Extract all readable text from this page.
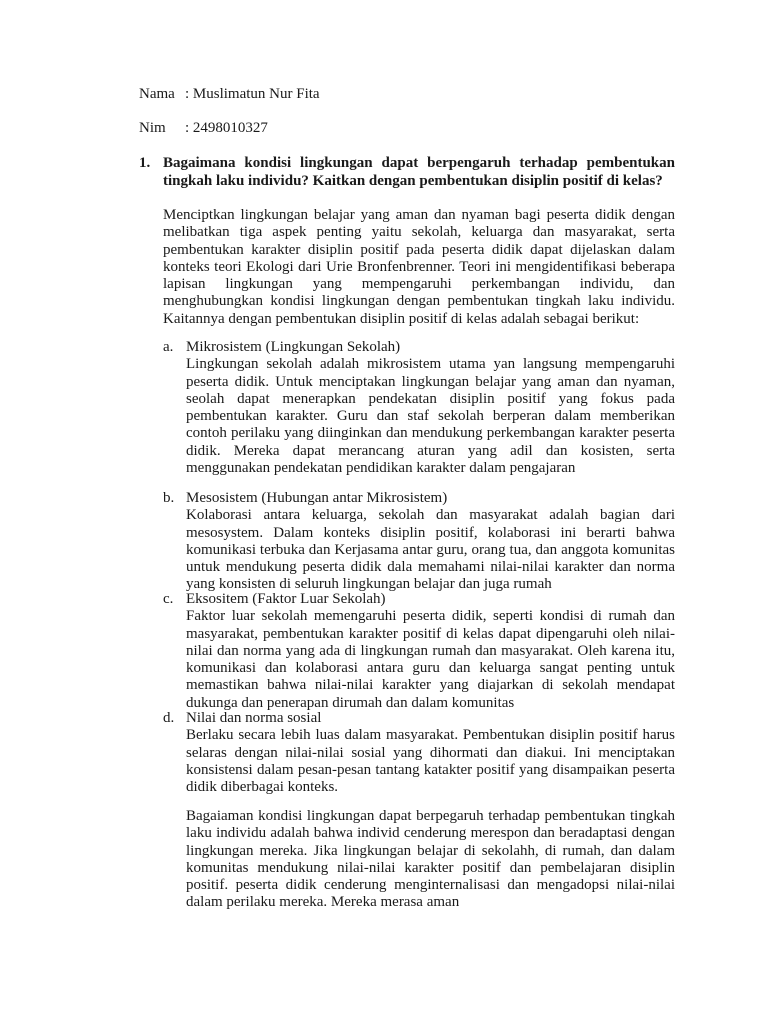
Nama : Muslimatun Nur Fita
Nim : 2498010327
1. Bagaimana kondisi lingkungan dapat berpengaruh terhadap pembentukan tingkah laku individu? Kaitkan dengan pembentukan disiplin positif di kelas?
Menciptkan lingkungan belajar yang aman dan nyaman bagi peserta didik dengan melibatkan tiga aspek penting yaitu sekolah, keluarga dan masyarakat, serta pembentukan karakter disiplin positif pada peserta didik dapat dijelaskan dalam konteks teori Ekologi dari Urie Bronfenbrenner. Teori ini mengidentifikasi beberapa lapisan lingkungan yang mempengaruhi perkembangan individu, dan menghubungkan kondisi lingkungan dengan pembentukan tingkah laku individu. Kaitannya dengan pembentukan disiplin positif di kelas adalah sebagai berikut:
a. Mikrosistem (Lingkungan Sekolah)
Lingkungan sekolah adalah mikrosistem utama yan langsung mempengaruhi peserta didik. Untuk menciptakan lingkungan belajar yang aman dan nyaman, seolah dapat menerapkan pendekatan disiplin positif yang fokus pada pembentukan karakter. Guru dan staf sekolah berperan dalam memberikan contoh perilaku yang diinginkan dan mendukung perkembangan karakter peserta didik. Mereka dapat merancang aturan yang adil dan kosisten, serta menggunakan pendekatan pendidikan karakter dalam pengajaran
b. Mesosistem (Hubungan antar Mikrosistem)
Kolaborasi antara keluarga, sekolah dan masyarakat adalah bagian dari mesosystem. Dalam konteks disiplin positif, kolaborasi ini berarti bahwa komunikasi terbuka dan Kerjasama antar guru, orang tua, dan anggota komunitas untuk mendukung peserta didik dala memahami nilai-nilai karakter dan norma yang konsisten di seluruh lingkungan belajar dan juga rumah
c. Eksositem (Faktor Luar Sekolah)
Faktor luar sekolah memengaruhi peserta didik, seperti kondisi di rumah dan masyarakat, pembentukan karakter positif di kelas dapat dipengaruhi oleh nilai-nilai dan norma yang ada di lingkungan rumah dan masyarakat. Oleh karena itu, komunikasi dan kolaborasi antara guru dan keluarga sangat penting untuk memastikan bahwa nilai-nilai karakter yang diajarkan di sekolah mendapat dukunga dan penerapan dirumah dan dalam komunitas
d. Nilai dan norma sosial
Berlaku secara lebih luas dalam masyarakat. Pembentukan disiplin positif harus selaras dengan nilai-nilai sosial yang dihormati dan diakui. Ini menciptakan konsistensi dalam pesan-pesan tantang katakter positif yang disampaikan peserta didik diberbagai konteks.
Bagaiaman kondisi lingkungan dapat berpegaruh terhadap pembentukan tingkah laku individu adalah bahwa individ cenderung merespon dan beradaptasi dengan lingkungan mereka. Jika lingkungan belajar di sekolahh, di rumah, dan dalam komunitas mendukung nilai-nilai karakter positif dan pembelajaran disiplin positif. peserta didik cenderung menginternalisasi dan mengadopsi nilai-nilai dalam perilaku mereka. Mereka merasa aman
